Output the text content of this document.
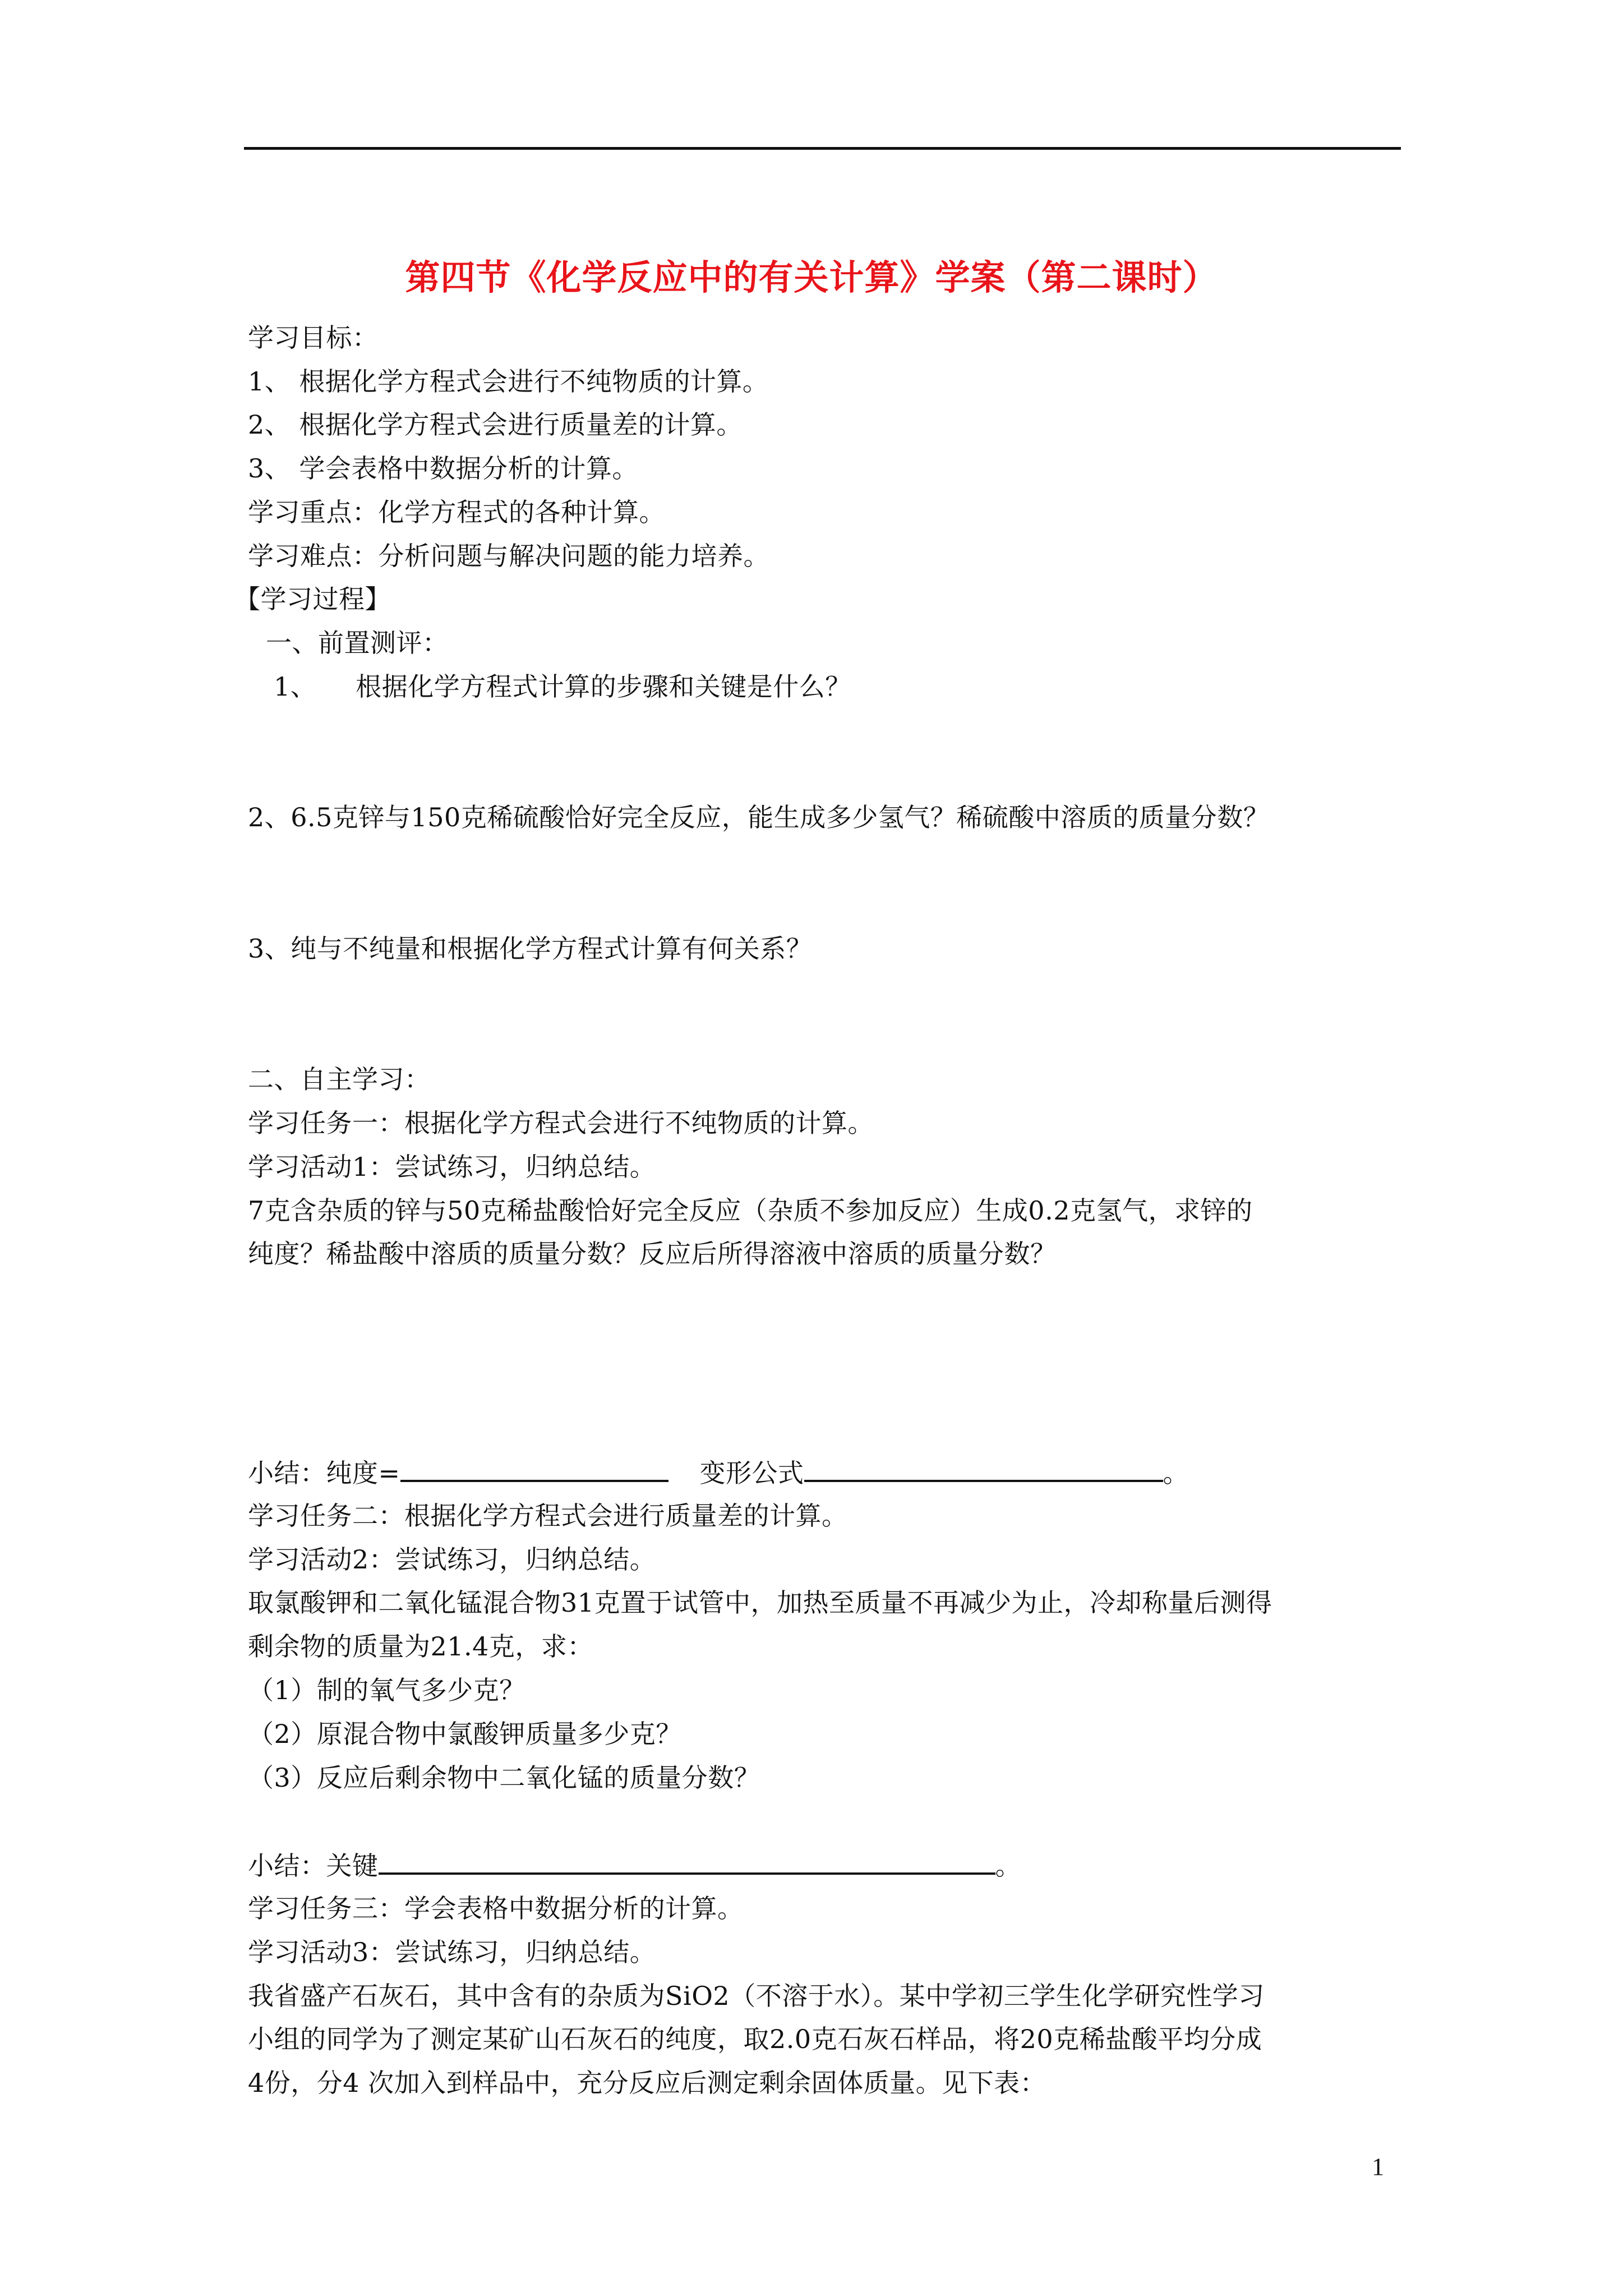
第四节《化学反应中的有关计算》学案（第二课时）
学习目标：
1、 根据化学方程式会进行不纯物质的计算。
2、 根据化学方程式会进行质量差的计算。
3、 学会表格中数据分析的计算。
学习重点：化学方程式的各种计算。
学习难点：分析问题与解决问题的能力培养。
【学习过程】
一、前置测评：
1、　　根据化学方程式计算的步骤和关键是什么？
2、6.5克锌与150克稀硫酸恰好完全反应，能生成多少氢气？稀硫酸中溶质的质量分数？
3、纯与不纯量和根据化学方程式计算有何关系？
二、自主学习：
学习任务一：根据化学方程式会进行不纯物质的计算。
学习活动1：尝试练习，归纳总结。
7克含杂质的锌与50克稀盐酸恰好完全反应（杂质不参加反应）生成0.2克氢气，求锌的
纯度？稀盐酸中溶质的质量分数？反应后所得溶液中溶质的质量分数？
小结：纯度=	变形公式	。
学习任务二：根据化学方程式会进行质量差的计算。
学习活动2：尝试练习，归纳总结。
取氯酸钾和二氧化锰混合物31克置于试管中，加热至质量不再减少为止，冷却称量后测得
剩余物的质量为21.4克，求：
（1）制的氧气多少克？
（2）原混合物中氯酸钾质量多少克？
（3）反应后剩余物中二氧化锰的质量分数？
小结：关键	。
学习任务三：学会表格中数据分析的计算。
学习活动3：尝试练习，归纳总结。
我省盛产石灰石，其中含有的杂质为SiO2（不溶于水）。某中学初三学生化学研究性学习
小组的同学为了测定某矿山石灰石的纯度，取2.0克石灰石样品，将20克稀盐酸平均分成
4份，分4 次加入到样品中，充分反应后测定剩余固体质量。见下表：
1
